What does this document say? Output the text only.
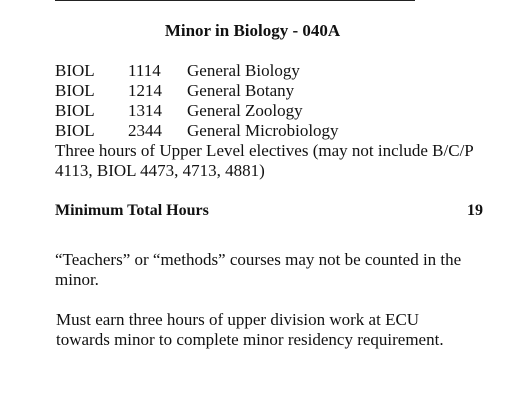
Minor in Biology - 040A
BIOL 1114 General Biology
BIOL 1214 General Botany
BIOL 1314 General Zoology
BIOL 2344 General Microbiology
Three hours of Upper Level electives (may not include B/C/P 4113, BIOL 4473, 4713, 4881)
Minimum Total Hours	19
“Teachers” or “methods” courses may not be counted in the minor.
Must earn three hours of upper division work at ECU towards minor to complete minor residency requirement.
